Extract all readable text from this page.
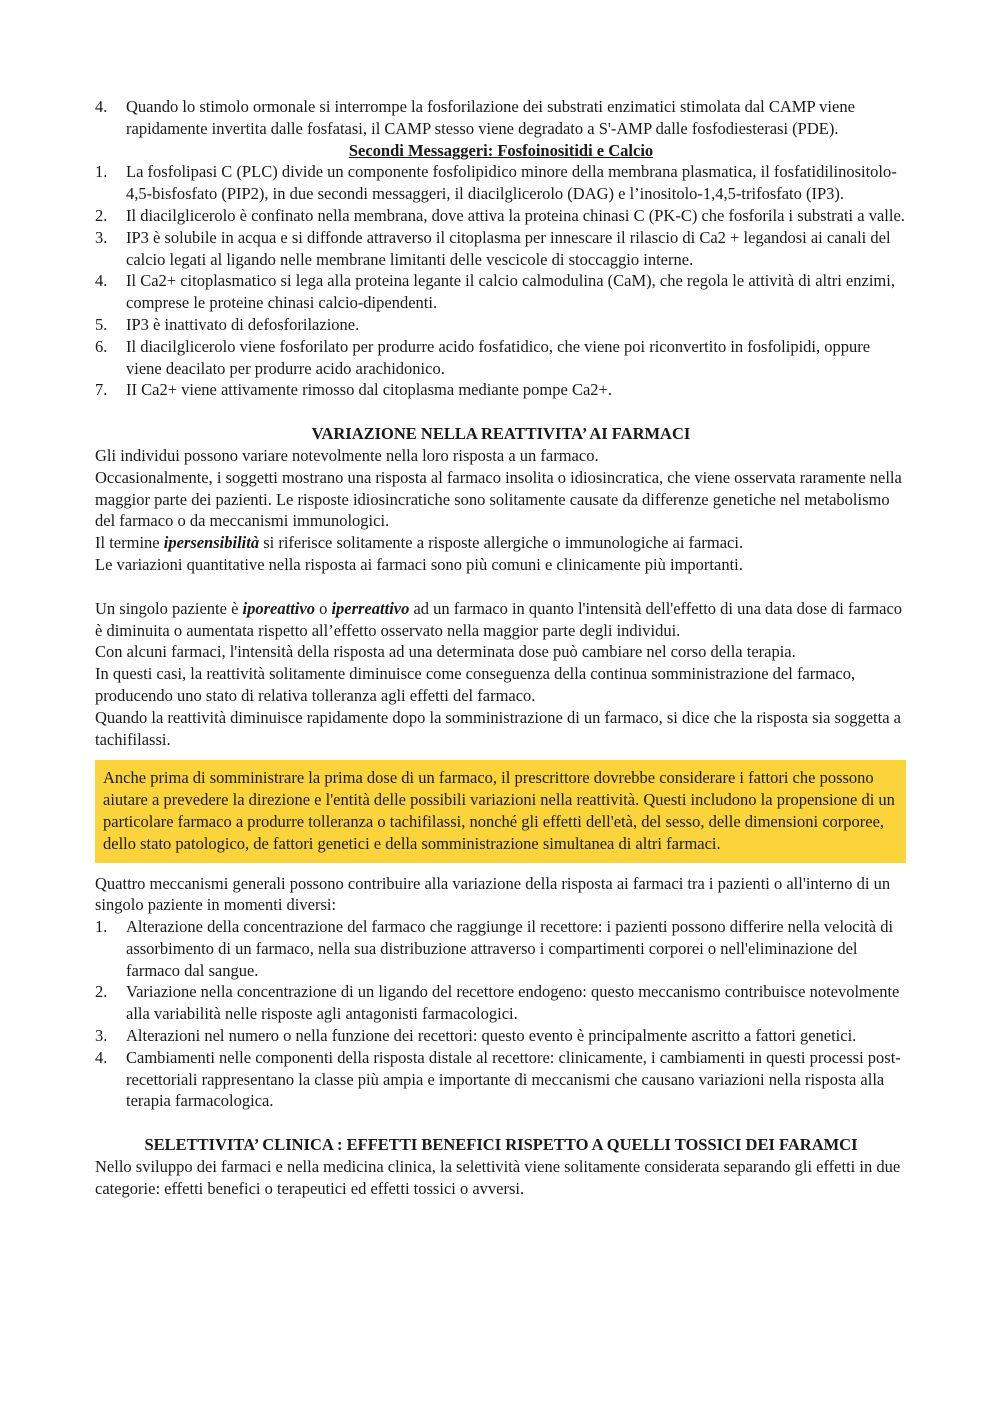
4. Quando lo stimolo ormonale si interrompe la fosforilazione dei substrati enzimatici stimolata dal CAMP viene rapidamente invertita dalle fosfatasi, il CAMP stesso viene degradato a S'-AMP dalle fosfodiesterasi (PDE).
Secondi Messaggeri: Fosfoinositidi e Calcio
1. La fosfolipasi C (PLC) divide un componente fosfolipidico minore della membrana plasmatica, il fosfatidilinositolo-4,5-bisfosfato (PIP2), in due secondi messaggeri, il diacilglicerolo (DAG) e l’inositolo-1,4,5-trifosfato (IP3).
2. Il diacilglicerolo è confinato nella membrana, dove attiva la proteina chinasi C (PK-C) che fosforila i substrati a valle.
3. IP3 è solubile in acqua e si diffonde attraverso il citoplasma per innescare il rilascio di Ca2 + legandosi ai canali del calcio legati al ligando nelle membrane limitanti delle vescicole di stoccaggio interne.
4. Il Ca2+ citoplasmatico si lega alla proteina legante il calcio calmodulina (CaM), che regola le attività di altri enzimi, comprese le proteine chinasi calcio-dipendenti.
5. IP3 è inattivato di defosforilazione.
6. Il diacilglicerolo viene fosforilato per produrre acido fosfatidico, che viene poi riconvertito in fosfolipidi, oppure viene deacilato per produrre acido arachidonico.
7. II Ca2+ viene attivamente rimosso dal citoplasma mediante pompe Ca2+.
VARIAZIONE NELLA REATTIVITA’ AI FARMACI

Gli individui possono variare notevolmente nella loro risposta a un farmaco.

Occasionalmente, i soggetti mostrano una risposta al farmaco insolita o idiosincratica, che viene osservata raramente nella maggior parte dei pazienti. Le risposte idiosincratiche sono solitamente causate da differenze genetiche nel metabolismo del farmaco o da meccanismi immunologici.

Il termine ipersensibilità si riferisce solitamente a risposte allergiche o immunologiche ai farmaci.

Le variazioni quantitative nella risposta ai farmaci sono più comuni e clinicamente più importanti.

Un singolo paziente è iporeattivo o iperreattivo ad un farmaco in quanto l'intensità dell'effetto di una data dose di farmaco è diminuita o aumentata rispetto all’effetto osservato nella maggior parte degli individui.

Con alcuni farmaci, l'intensità della risposta ad una determinata dose può cambiare nel corso della terapia.

In questi casi, la reattività solitamente diminuisce come conseguenza della continua somministrazione del farmaco, producendo uno stato di relativa tolleranza agli effetti del farmaco.

Quando la reattività diminuisce rapidamente dopo la somministrazione di un farmaco, si dice che la risposta sia soggetta a tachifilassi.

Anche prima di somministrare la prima dose di un farmaco, il prescrittore dovrebbe considerare i fattori che possono aiutare a prevedere la direzione e l'entità delle possibili variazioni nella reattività. Questi includono la propensione di un particolare farmaco a produrre tolleranza o tachifilassi, nonché gli effetti dell'età, del sesso, delle dimensioni corporee, dello stato patologico, de fattori genetici e della somministrazione simultanea di altri farmaci.

Quattro meccanismi generali possono contribuire alla variazione della risposta ai farmaci tra i pazienti o all'interno di un singolo paziente in momenti diversi:

1. Alterazione della concentrazione del farmaco che raggiunge il recettore: i pazienti possono differire nella velocità di assorbimento di un farmaco, nella sua distribuzione attraverso i compartimenti corporei o nell'eliminazione del farmaco dal sangue.
2. Variazione nella concentrazione di un ligando del recettore endogeno: questo meccanismo contribuisce notevolmente alla variabilità nelle risposte agli antagonisti farmacologici.
3. Alterazioni nel numero o nella funzione dei recettori: questo evento è principalmente ascritto a fattori genetici.
4. Cambiamenti nelle componenti della risposta distale al recettore: clinicamente, i cambiamenti in questi processi post-recettoriali rappresentano la classe più ampia e importante di meccanismi che causano variazioni nella risposta alla terapia farmacologica.
SELETTIVITA’ CLINICA : EFFETTI BENEFICI RISPETTO A QUELLI TOSSICI DEI FARAMCI

Nello sviluppo dei farmaci e nella medicina clinica, la selettività viene solitamente considerata separando gli effetti in due categorie: effetti benefici o terapeutici ed effetti tossici o avversi.
